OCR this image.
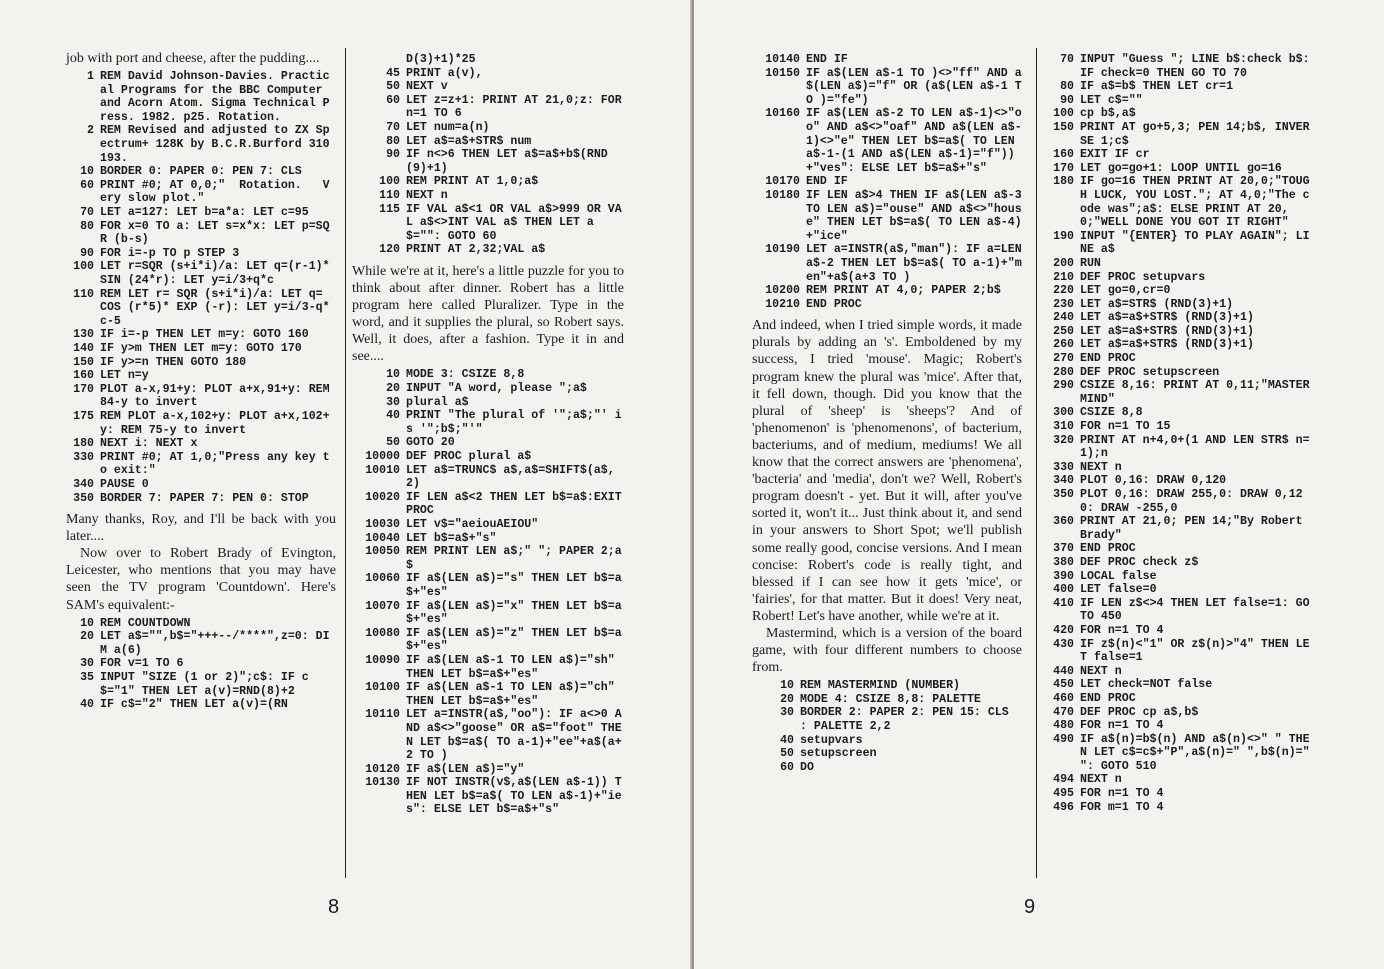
job with port and cheese, after the pudding....

1 REM David Johnson-Davies. Practical Programs for the BBC Computer and Acorn Atom. Sigma Technical Press. 1982. p25. Rotation.
2 REM Revised and adjusted to ZX Spectrum+ 128K by B.C.R.Burford 310193.
10 BORDER 0: PAPER 0: PEN 7: CLS
60 PRINT #0; AT 0,0;"  Rotation.   Very slow plot."
70 LET a=127: LET b=a*a: LET c=95
80 FOR x=0 TO a: LET s=x*x: LET p=SQR (b-s)
90 FOR i=-p TO p STEP 3
100 LET r=SQR (s+i*i)/a: LET q=(r-1)*SIN (24*r): LET y=i/3+q*c
110 REM LET r= SQR (s+i*i)/a: LET q= COS (r*5)* EXP (-r): LET y=i/3-q*c-5
130 IF i=-p THEN LET m=y: GOTO 160
140 IF y>m THEN LET m=y: GOTO 170
150 IF y>=n THEN GOTO 180
160 LET n=y
170 PLOT a-x,91+y: PLOT a+x,91+y: REM 84-y to invert
175 REM PLOT a-x,102+y: PLOT a+x,102+y: REM 75-y to invert
180 NEXT i: NEXT x
330 PRINT #0; AT 1,0;"Press any key to exit:"
340 PAUSE 0
350 BORDER 7: PAPER 7: PEN 0: STOP

Many thanks, Roy, and I'll be back with you later....

Now over to Robert Brady of Evington, Leicester, who mentions that you may have seen the TV program 'Countdown'. Here's SAM's equivalent:-

10 REM COUNTDOWN
20 LET a$="",b$="+++--/****",z=0: DIM a(6)
30 FOR v=1 TO 6
35 INPUT "SIZE (1 or 2)";c$: IF c$="1" THEN LET a(v)=RND(8)+2
40 IF c$="2" THEN LET a(v)=(RN
D(3)+1)*25
45 PRINT a(v),
50 NEXT v
60 LET z=z+1: PRINT AT 21,0;z: FOR n=1 TO 6
70 LET num=a(n)
80 LET a$=a$+STR$ num
90 IF n<>6 THEN LET a$=a$+b$(RND(9)+1)
100 REM PRINT AT 1,0;a$
110 NEXT n
115 IF VAL a$<1 OR VAL a$>999 OR VAL a$<>INT VAL a$ THEN LET a$="": GOTO 60
120 PRINT AT 2,32;VAL a$

While we're at it, here's a little puzzle for you to think about after dinner. Robert has a little program here called Pluralizer. Type in the word, and it supplies the plural, so Robert says. Well, it does, after a fashion. Type it in and see....

10 MODE 3: CSIZE 8,8
20 INPUT "A word, please ";a$
30 plural a$
40 PRINT "The plural of '";a$;"' is '";b$;"'"
50 GOTO 20
10000 DEF PROC plural a$
10010 LET a$=TRUNC$ a$,a$=SHIFT$(a$,2)
10020 IF LEN a$<2 THEN LET b$=a$:EXIT PROC
10030 LET v$="aeiouAEIOU"
10040 LET b$=a$+"s"
10050 REM PRINT LEN a$;" "; PAPER 2;a$
10060 IF a$(LEN a$)="s" THEN LET b$=a$+"es"
10070 IF a$(LEN a$)="x" THEN LET b$=a$+"es"
10080 IF a$(LEN a$)="z" THEN LET b$=a$+"es"
10090 IF a$(LEN a$-1 TO LEN a$)="sh" THEN LET b$=a$+"es"
10100 IF a$(LEN a$-1 TO LEN a$)="ch" THEN LET b$=a$+"es"
10110 LET a=INSTR(a$,"oo"): IF a<>0 AND a$<>"goose" OR a$="foot" THEN LET b$=a$( TO a-1)+"ee"+a$(a+2 TO )
10120 IF a$(LEN a$)="y"
10130 IF NOT INSTR(v$,a$(LEN a$-1)) THEN LET b$=a$( TO LEN a$-1)+"ies": ELSE LET b$=a$+"s"
8
10140 END IF
10150 IF a$(LEN a$-1 TO )<>"ff" AND a$(LEN a$)="f" OR (a$(LEN a$-1 TO )="fe")
10160 IF a$(LEN a$-2 TO LEN a$-1)<>"oo" AND a$<>"oaf" AND a$(LEN a$-1)<>"e" THEN LET b$=a$( TO LEN a$-1-(1 AND a$(LEN a$-1)="f"))+"ves": ELSE LET b$=a$+"s"
10170 END IF
10180 IF LEN a$>4 THEN IF a$(LEN a$-3 TO LEN a$)="ouse" AND a$<>"house" THEN LET b$=a$( TO LEN a$-4)+"ice"
10190 LET a=INSTR(a$,"man"): IF a=LEN a$-2 THEN LET b$=a$( TO a-1)+"men"+a$(a+3 TO )
10200 REM PRINT AT 4,0; PAPER 2;b$
10210 END PROC

And indeed, when I tried simple words, it made plurals by adding an 's'. Emboldened by my success, I tried 'mouse'. Magic; Robert's program knew the plural was 'mice'. After that, it fell down, though. Did you know that the plural of 'sheep' is 'sheeps'? And of 'phenomenon' is 'phenomenons', of bacterium, bacteriums, and of medium, mediums! We all know that the correct answers are 'phenomena', 'bacteria' and 'media', don't we? Well, Robert's program doesn't - yet. But it will, after you've sorted it, won't it... Just think about it, and send in your answers to Short Spot; we'll publish some really good, concise versions. And I mean concise: Robert's code is really tight, and blessed if I can see how it gets 'mice', or 'fairies', for that matter. But it does! Very neat, Robert! Let's have another, while we're at it.

Mastermind, which is a version of the board game, with four different numbers to choose from.

10 REM MASTERMIND (NUMBER)
20 MODE 4: CSIZE 8,8: PALETTE
30 BORDER 2: PAPER 2: PEN 15: CLS : PALETTE 2,2
40 setupvars
50 setupscreen
60 DO
70 INPUT "Guess "; LINE b$:check b$: IF check=0 THEN GO TO 70
80 IF a$=b$ THEN LET cr=1
90 LET c$=""
100 cp b$,a$
150 PRINT AT go+5,3; PEN 14;b$, INVERSE 1;c$
160 EXIT IF cr
170 LET go=go+1: LOOP UNTIL go=16
180 IF go=16 THEN PRINT AT 20,0;"TOUGH LUCK, YOU LOST."; AT 4,0;"The code was";a$: ELSE PRINT AT 20,0;"WELL DONE YOU GOT IT RIGHT"
190 INPUT "{ENTER} TO PLAY AGAIN"; LINE a$
200 RUN
210 DEF PROC setupvars
220 LET go=0,cr=0
230 LET a$=STR$ (RND(3)+1)
240 LET a$=a$+STR$ (RND(3)+1)
250 LET a$=a$+STR$ (RND(3)+1)
260 LET a$=a$+STR$ (RND(3)+1)
270 END PROC
280 DEF PROC setupscreen
290 CSIZE 8,16: PRINT AT 0,11;"MASTERMIND"
300 CSIZE 8,8
310 FOR n=1 TO 15
320 PRINT AT n+4,0+(1 AND LEN STR$ n=1);n
330 NEXT n
340 PLOT 0,16: DRAW 0,120
350 PLOT 0,16: DRAW 255,0: DRAW 0,120: DRAW -255,0
360 PRINT AT 21,0; PEN 14;"By Robert Brady"
370 END PROC
380 DEF PROC check z$
390 LOCAL false
400 LET false=0
410 IF LEN z$<>4 THEN LET false=1: GOTO 450
420 FOR n=1 TO 4
430 IF z$(n)<"1" OR z$(n)>"4" THEN LET false=1
440 NEXT n
450 LET check=NOT false
460 END PROC
470 DEF PROC cp a$,b$
480 FOR n=1 TO 4
490 IF a$(n)=b$(n) AND a$(n)<>" " THEN LET c$=c$+"P",a$(n)=" ",b$(n)=" ": GOTO 510
494 NEXT n
495 FOR n=1 TO 4
496 FOR m=1 TO 4
9
